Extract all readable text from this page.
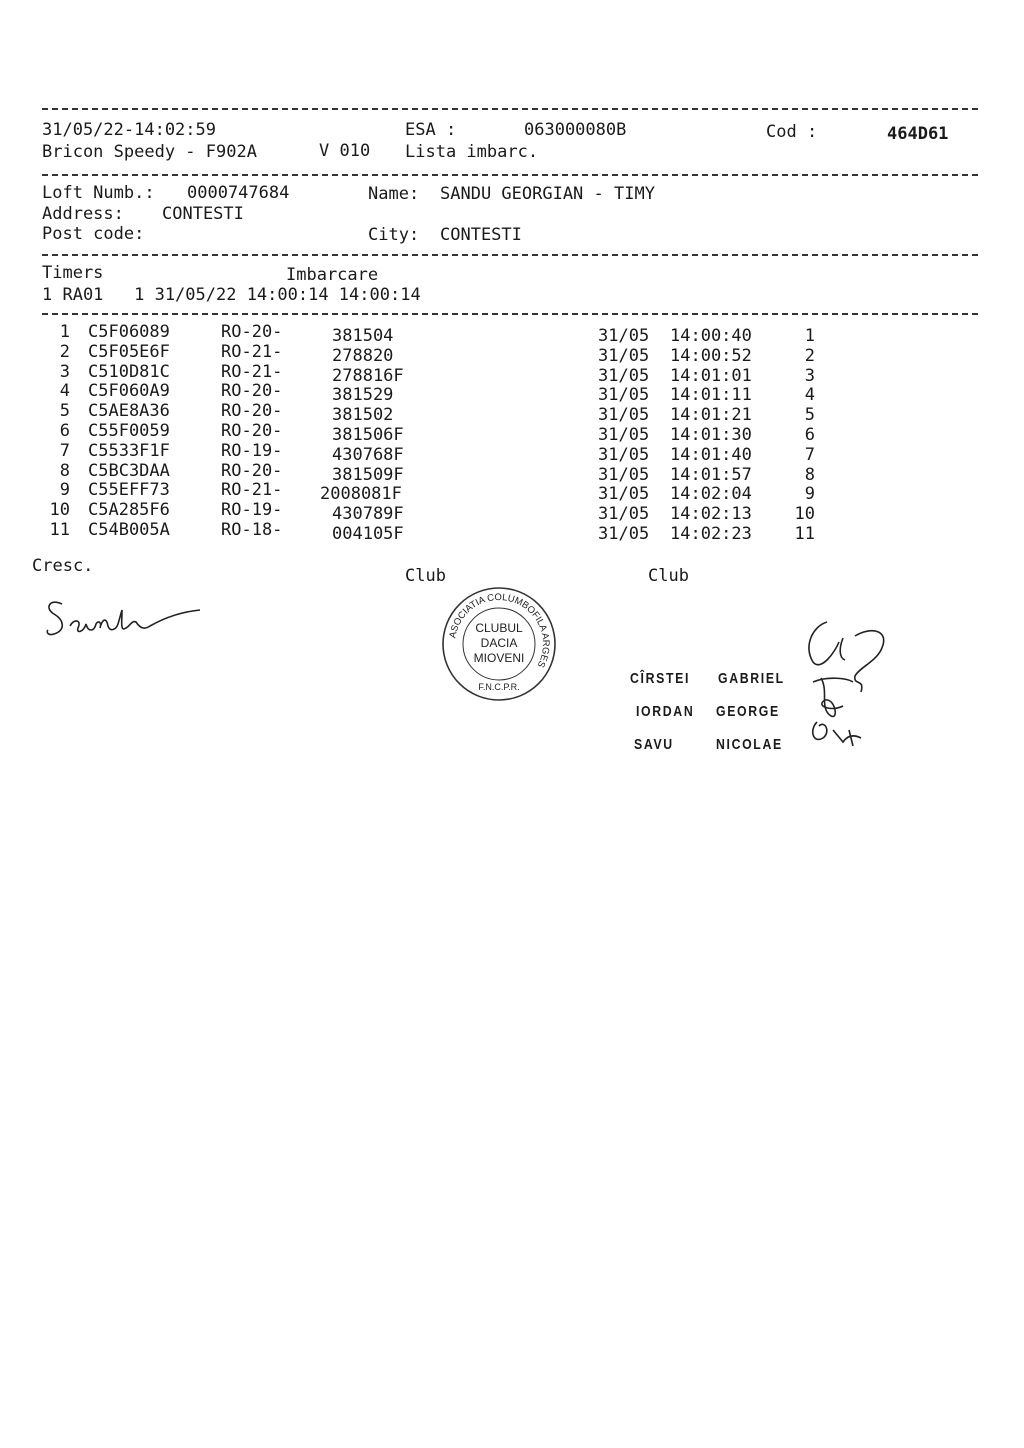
31/05/22-14:02:59	ESA :	063000080B	Cod :	464D61
Bricon Speedy - F902A	V 010 Lista imbarc.
Loft Numb.: 0000747684	Name: SANDU GEORGIAN - TIMY
Address: CONTESTI
Post code:	City: CONTESTI
Timers	Imbarcare
1 RA01   1 31/05/22 14:00:14 14:00:14
1 C5F06089	RO-20-	381504	31/05 14:00:40	1
2 C5F05E6F	RO-21-	278820	31/05 14:00:52	2
3 C510D81C	RO-21-	278816F	31/05 14:01:01	3
4 C5F060A9	RO-20-	381529	31/05 14:01:11	4
5 C5AE8A36	RO-20-	381502	31/05 14:01:21	5
6 C55F0059	RO-20-	381506F	31/05 14:01:30	6
7 C5533F1F	RO-19-	430768F	31/05 14:01:40	7
8 C5BC3DAA	RO-20-	381509F	31/05 14:01:57	8
9 C55EFF73	RO-21- 2008081F	31/05 14:02:04	9
10 C5A285F6	RO-19-	430789F	31/05 14:02:13	10
11 C54B005A	RO-18-	004105F	31/05 14:02:23	11
Cresc.	Club	Club
ASOCIATIA COLUMBOFILA ARGES
F.N.C.P.R.
CLUBUL
DACIA
MIOVENI
CÎRSTEI GABRIEL
IORDAN GEORGE
SAVU	NICOLAE
